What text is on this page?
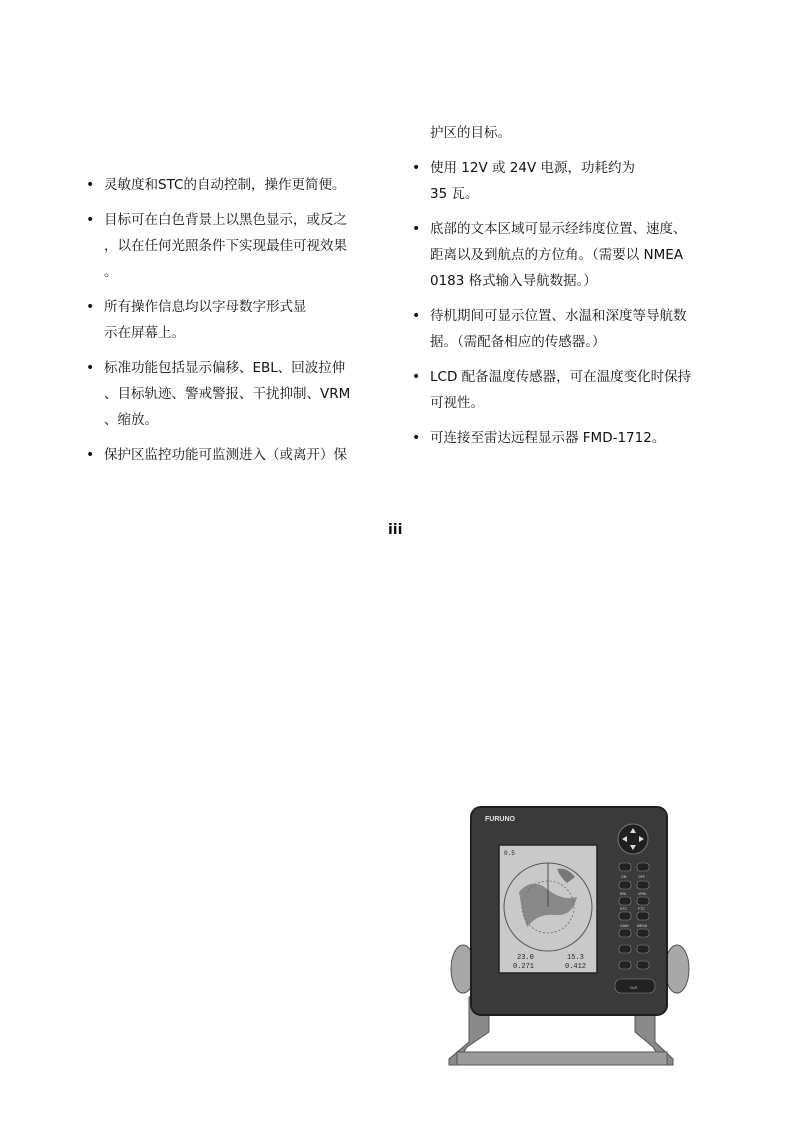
• 灵敏度和STC的自动控制，操作更简便。
• 目标可在白色背景上以黑色显示，或反之
，以在任何光照条件下实现最佳可视效果
。
• 所有操作信息均以字母数字形式显
示在屏幕上。
• 标准功能包括显示偏移、EBL、回波拉伸
、目标轨迹、警戒警报、干扰抑制、VRM
、缩放。
• 保护区监控功能可监测进入（或离开）保
护区的目标。
• 使用 12V 或 24V 电源，功耗约为
35 瓦。
• 底部的文本区域可显示经纬度位置、速度、
距离以及到航点的方位角。（需要以 NMEA
0183 格式输入导航数据。）
• 待机期间可显示位置、水温和深度等导航数
据。（需配备相应的传感器。）
• LCD 配备温度传感器，可在温度变化时保持
可视性。
• 可连接至雷达远程显示器 FMD-1712。
iii
FURUNO
0.5
23.0	15.3
0.271	0.412
ON	OFF
EBL	VRM
STC	FTC
GAIN MENU
CLR
